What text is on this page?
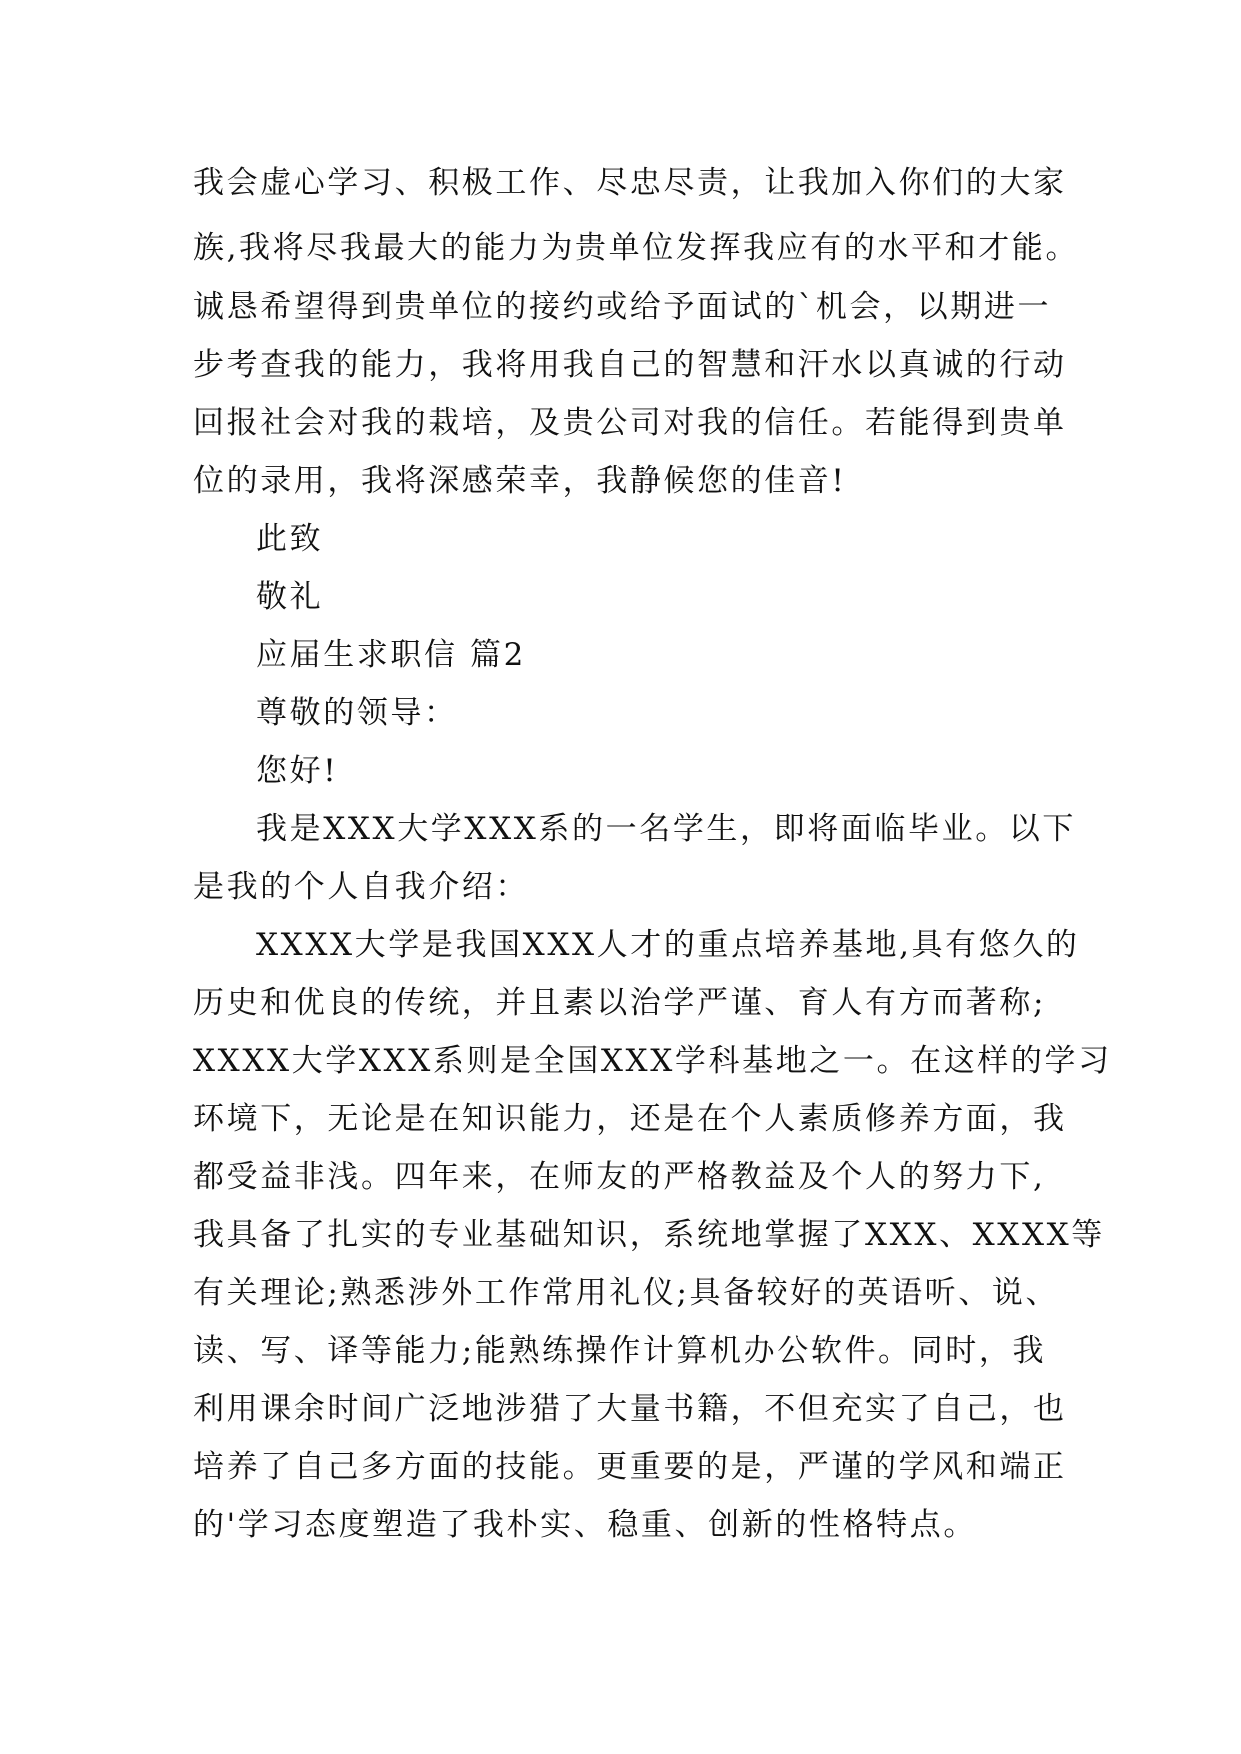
我会虚心学习、积极工作、尽忠尽责，让我加入你们的大家
族,我将尽我最大的能力为贵单位发挥我应有的水平和才能。
诚恳希望得到贵单位的接约或给予面试的`机会，以期进一
步考查我的能力，我将用我自己的智慧和汗水以真诚的行动
回报社会对我的栽培，及贵公司对我的信任。若能得到贵单
位的录用，我将深感荣幸，我静候您的佳音!
此致
敬礼
应届生求职信 篇2
尊敬的领导：
您好!
我是XXX大学XXX系的一名学生，即将面临毕业。以下
是我的个人自我介绍：
XXXX大学是我国XXX人才的重点培养基地,具有悠久的
历史和优良的传统，并且素以治学严谨、育人有方而著称;
XXXX大学XXX系则是全国XXX学科基地之一。在这样的学习
环境下，无论是在知识能力，还是在个人素质修养方面，我
都受益非浅。四年来，在师友的严格教益及个人的努力下,
我具备了扎实的专业基础知识，系统地掌握了XXX、XXXX等
有关理论;熟悉涉外工作常用礼仪;具备较好的英语听、说、
读、写、译等能力;能熟练操作计算机办公软件。同时，我
利用课余时间广泛地涉猎了大量书籍，不但充实了自己，也
培养了自己多方面的技能。更重要的是，严谨的学风和端正
的'学习态度塑造了我朴实、稳重、创新的性格特点。
